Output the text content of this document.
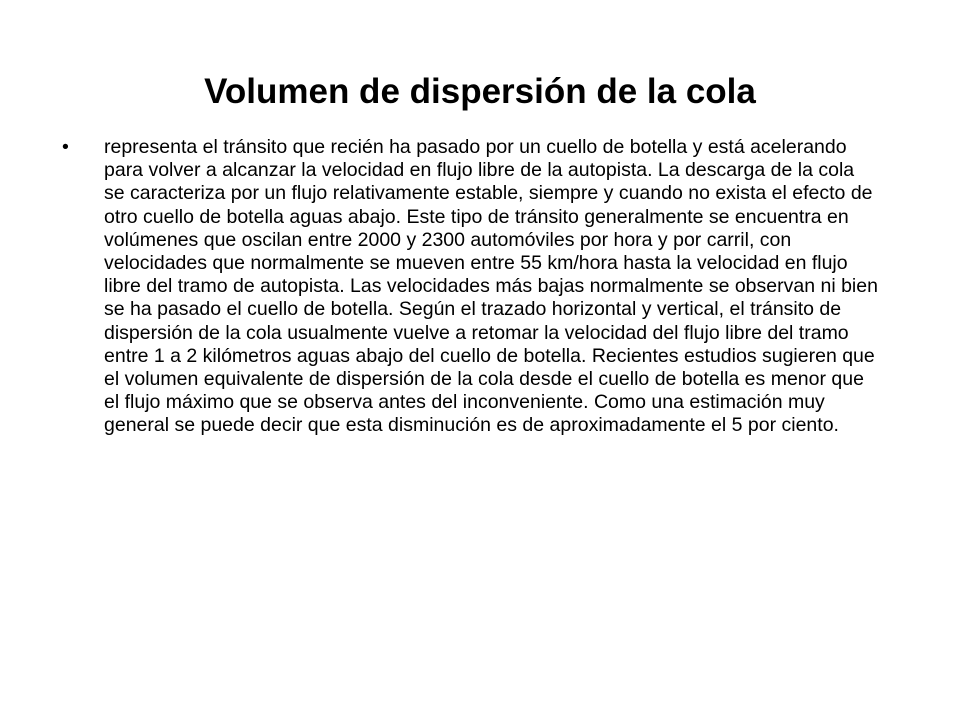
Volumen de dispersión de la cola
•	representa el tránsito que recién ha pasado por un cuello de botella y está acelerando para volver a alcanzar la velocidad en flujo libre de la autopista. La descarga de la cola se caracteriza por un flujo relativamente estable, siempre y cuando no exista el efecto de otro cuello de botella aguas abajo. Este tipo de tránsito generalmente se encuentra en volúmenes que oscilan entre 2000 y 2300 automóviles por hora y por carril, con velocidades que normalmente se mueven entre 55 km/hora hasta la velocidad en flujo libre del tramo de autopista. Las velocidades más bajas normalmente se observan ni bien se ha pasado el cuello de botella. Según el trazado horizontal y vertical, el tránsito de dispersión de la cola usualmente vuelve a retomar la velocidad del flujo libre del tramo entre 1 a 2 kilómetros aguas abajo del cuello de botella. Recientes estudios sugieren que el volumen equivalente de dispersión de la cola desde el cuello de botella es menor que el flujo máximo que se observa antes del inconveniente. Como una estimación muy general se puede decir que esta disminución es de aproximadamente el 5 por ciento.
